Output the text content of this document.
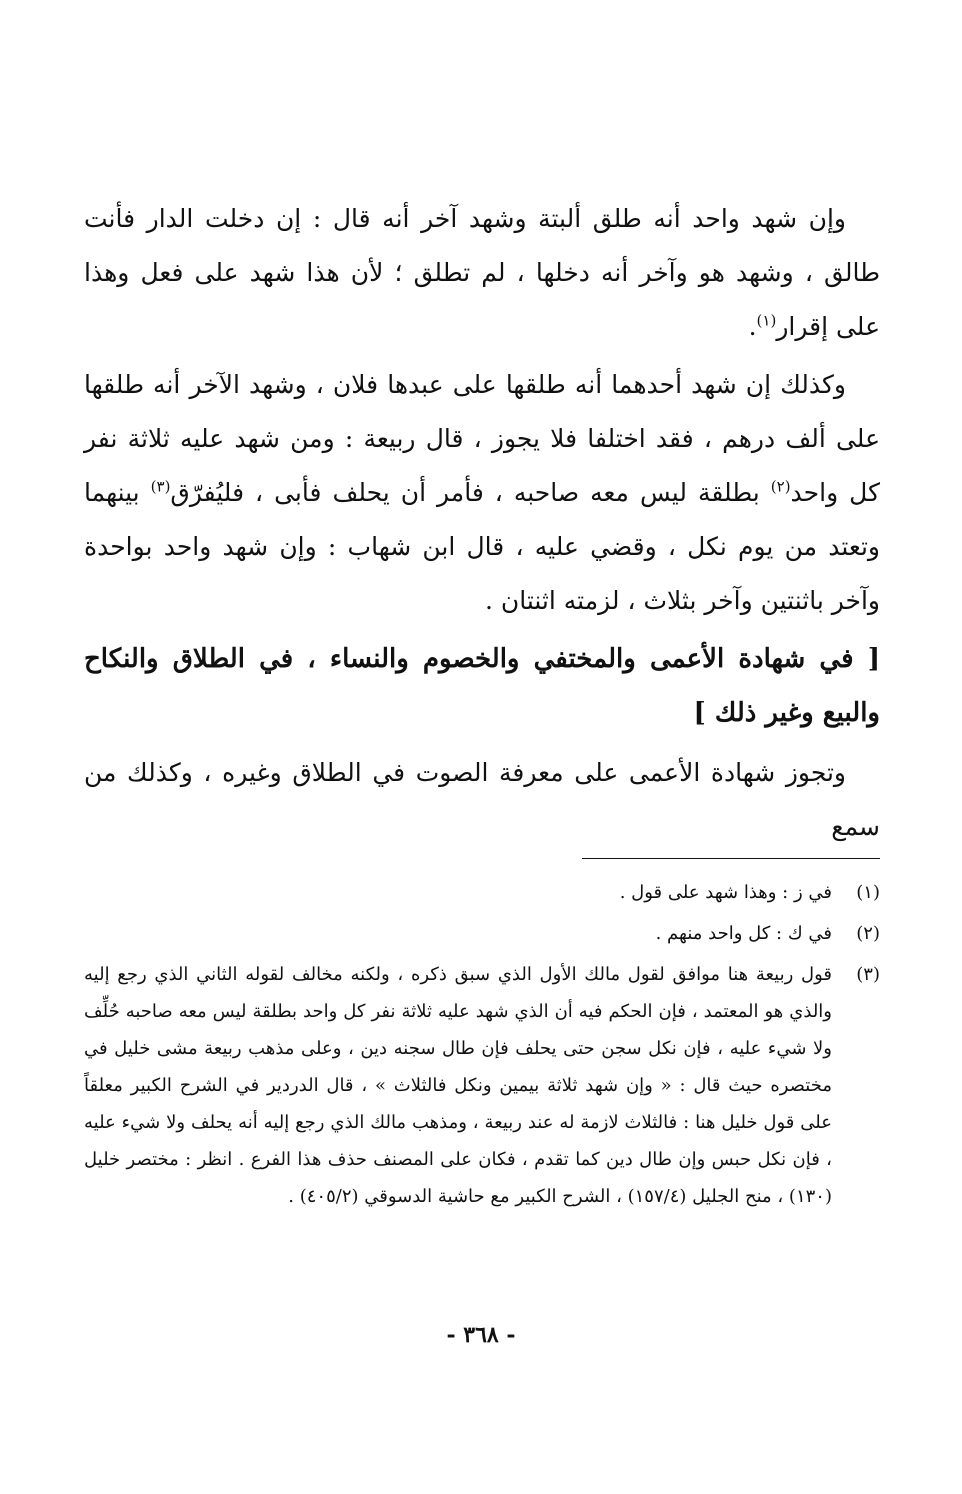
وإن شهد واحد أنه طلق ألبتة وشهد آخر أنه قال : إن دخلت الدار فأنت طالق ، وشهد هو وآخر أنه دخلها ، لم تطلق ؛ لأن هذا شهد على فعل وهذا على إقرار$^{(١)}$.

وكذلك إن شهد أحدهما أنه طلقها على عبدها فلان ، وشهد الآخر أنه طلقها على ألف درهم ، فقد اختلفا فلا يجوز ، قال ربيعة : ومن شهد عليه ثلاثة نفر كل واحد$^{(٢)}$ بطلقة ليس معه صاحبه ، فأمر أن يحلف فأبى ، فليُفرّق$^{(٣)}$ بينهما وتعتد من يوم نكل ، وقضي عليه ، قال ابن شهاب : وإن شهد واحد بواحدة وآخر باثنتين وآخر بثلاث ، لزمته اثنتان .

[ في شهادة الأعمى والمختفي والخصوم والنساء ، في الطلاق والنكاح والبيع وغير ذلك ]

وتجوز شهادة الأعمى على معرفة الصوت في الطلاق وغيره ، وكذلك من سمع

(١)
في ز : وهذا شهد على قول .
(٢)
في ك : كل واحد منهم .
(٣)
قول ربيعة هنا موافق لقول مالك الأول الذي سبق ذكره ، ولكنه مخالف لقوله الثاني الذي رجع إليه والذي هو المعتمد ، فإن الحكم فيه أن الذي شهد عليه ثلاثة نفر كل واحد بطلقة ليس معه صاحبه حُلِّف ولا شيء عليه ، فإن نكل سجن حتى يحلف فإن طال سجنه دين ، وعلى مذهب ربيعة مشى خليل في مختصره حيث قال : « وإن شهد ثلاثة بيمين ونكل فالثلاث » ، قال الدردير في الشرح الكبير معلقاً على قول خليل هنا : فالثلاث لازمة له عند ربيعة ، ومذهب مالك الذي رجع إليه أنه يحلف ولا شيء عليه ، فإن نكل حبس وإن طال دين كما تقدم ، فكان على المصنف حذف هذا الفرع . انظر : مختصر خليل (١٣٠) ، منح الجليل (١٥٧/٤) ، الشرح الكبير مع حاشية الدسوقي (٤٠٥/٢) .
- ٣٦٨ -
